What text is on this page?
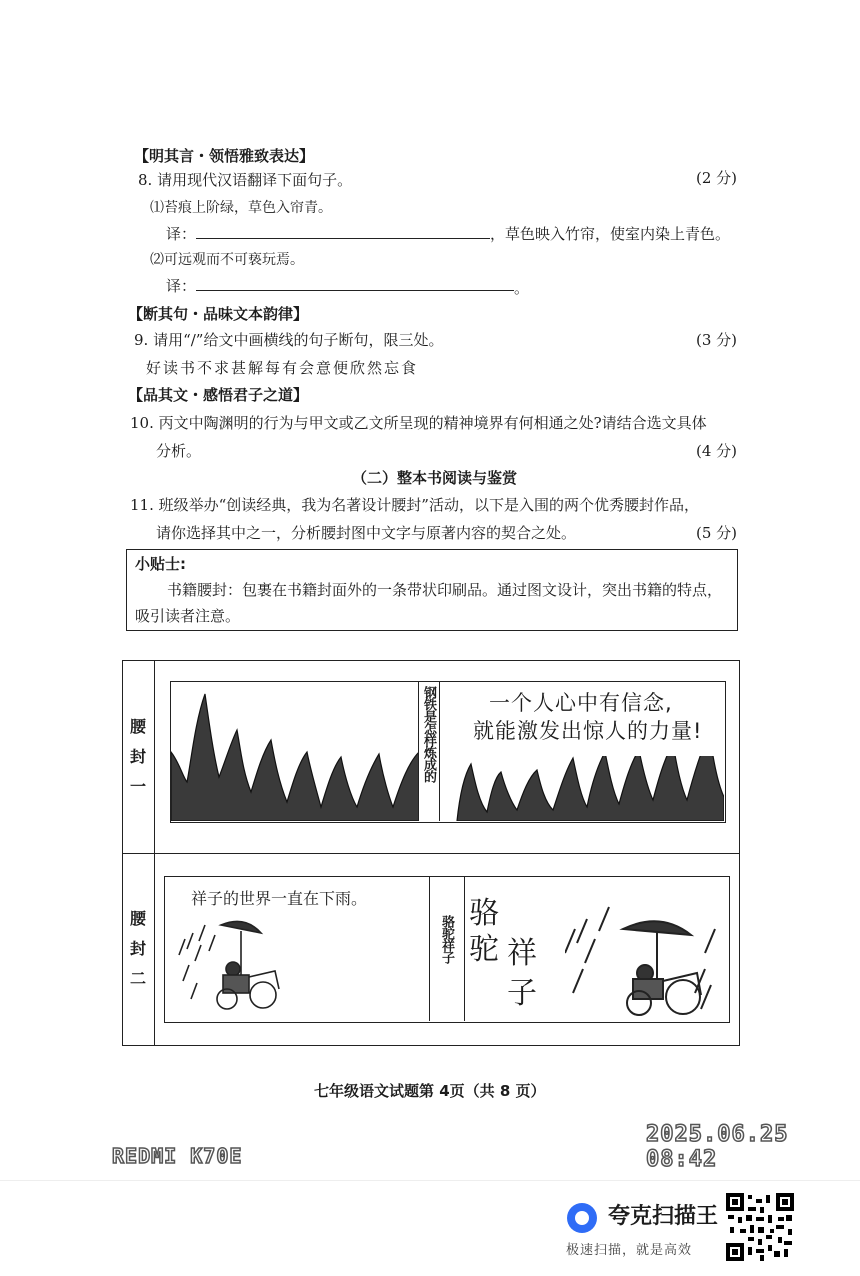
【明其言・领悟雅致表达】
8. 请用现代汉语翻译下面句子。	(2 分)
⑴苔痕上阶绿，草色入帘青。
译：	，草色映入竹帘，使室内染上青色。
⑵可远观而不可亵玩焉。
译：	。
【断其句・品味文本韵律】
9. 请用“/”给文中画横线的句子断句，限三处。	(3 分)
好读书不求甚解每有会意便欣然忘食
【品其文・感悟君子之道】
10. 丙文中陶渊明的行为与甲文或乙文所呈现的精神境界有何相通之处?请结合选文具体
分析。	(4 分)
（二）整本书阅读与鉴赏
11. 班级举办“创读经典，我为名著设计腰封”活动，以下是入围的两个优秀腰封作品，
请你选择其中之一，分析腰封图中文字与原著内容的契合之处。	(5 分)
小贴士:
书籍腰封：包裹在书籍封面外的一条带状印刷品。通过图文设计，突出书籍的特点，
吸引读者注意。
腰
封
一
钢铁是怎样炼成的	一个人心中有信念,
就能激发出惊人的力量!
腰
封
二
祥子的世界一直在下雨。
骆驼祥子
骆
驼 祥
子
七年级语文试题第 4页（共 8 页）
2025.06.25 08:42
REDMI K70E
夸克扫描王
极速扫描，就是高效
